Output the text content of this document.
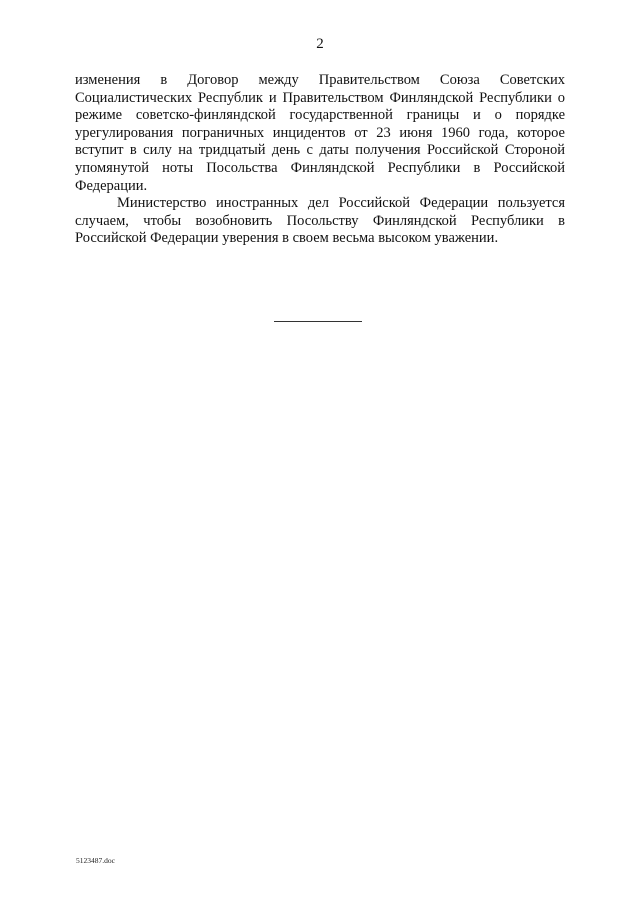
2

изменения в Договор между Правительством Союза Советских Социалистических Республик и Правительством Финляндской Республики о режиме советско-финляндской государственной границы и о порядке урегулирования пограничных инцидентов от 23 июня 1960 года, которое вступит в силу на тридцатый день с даты получения Российской Стороной упомянутой ноты Посольства Финляндской Республики в Российской Федерации.

Министерство иностранных дел Российской Федерации пользуется случаем, чтобы возобновить Посольству Финляндской Республики в Российской Федерации уверения в своем весьма высоком уважении.

5123487.doc
